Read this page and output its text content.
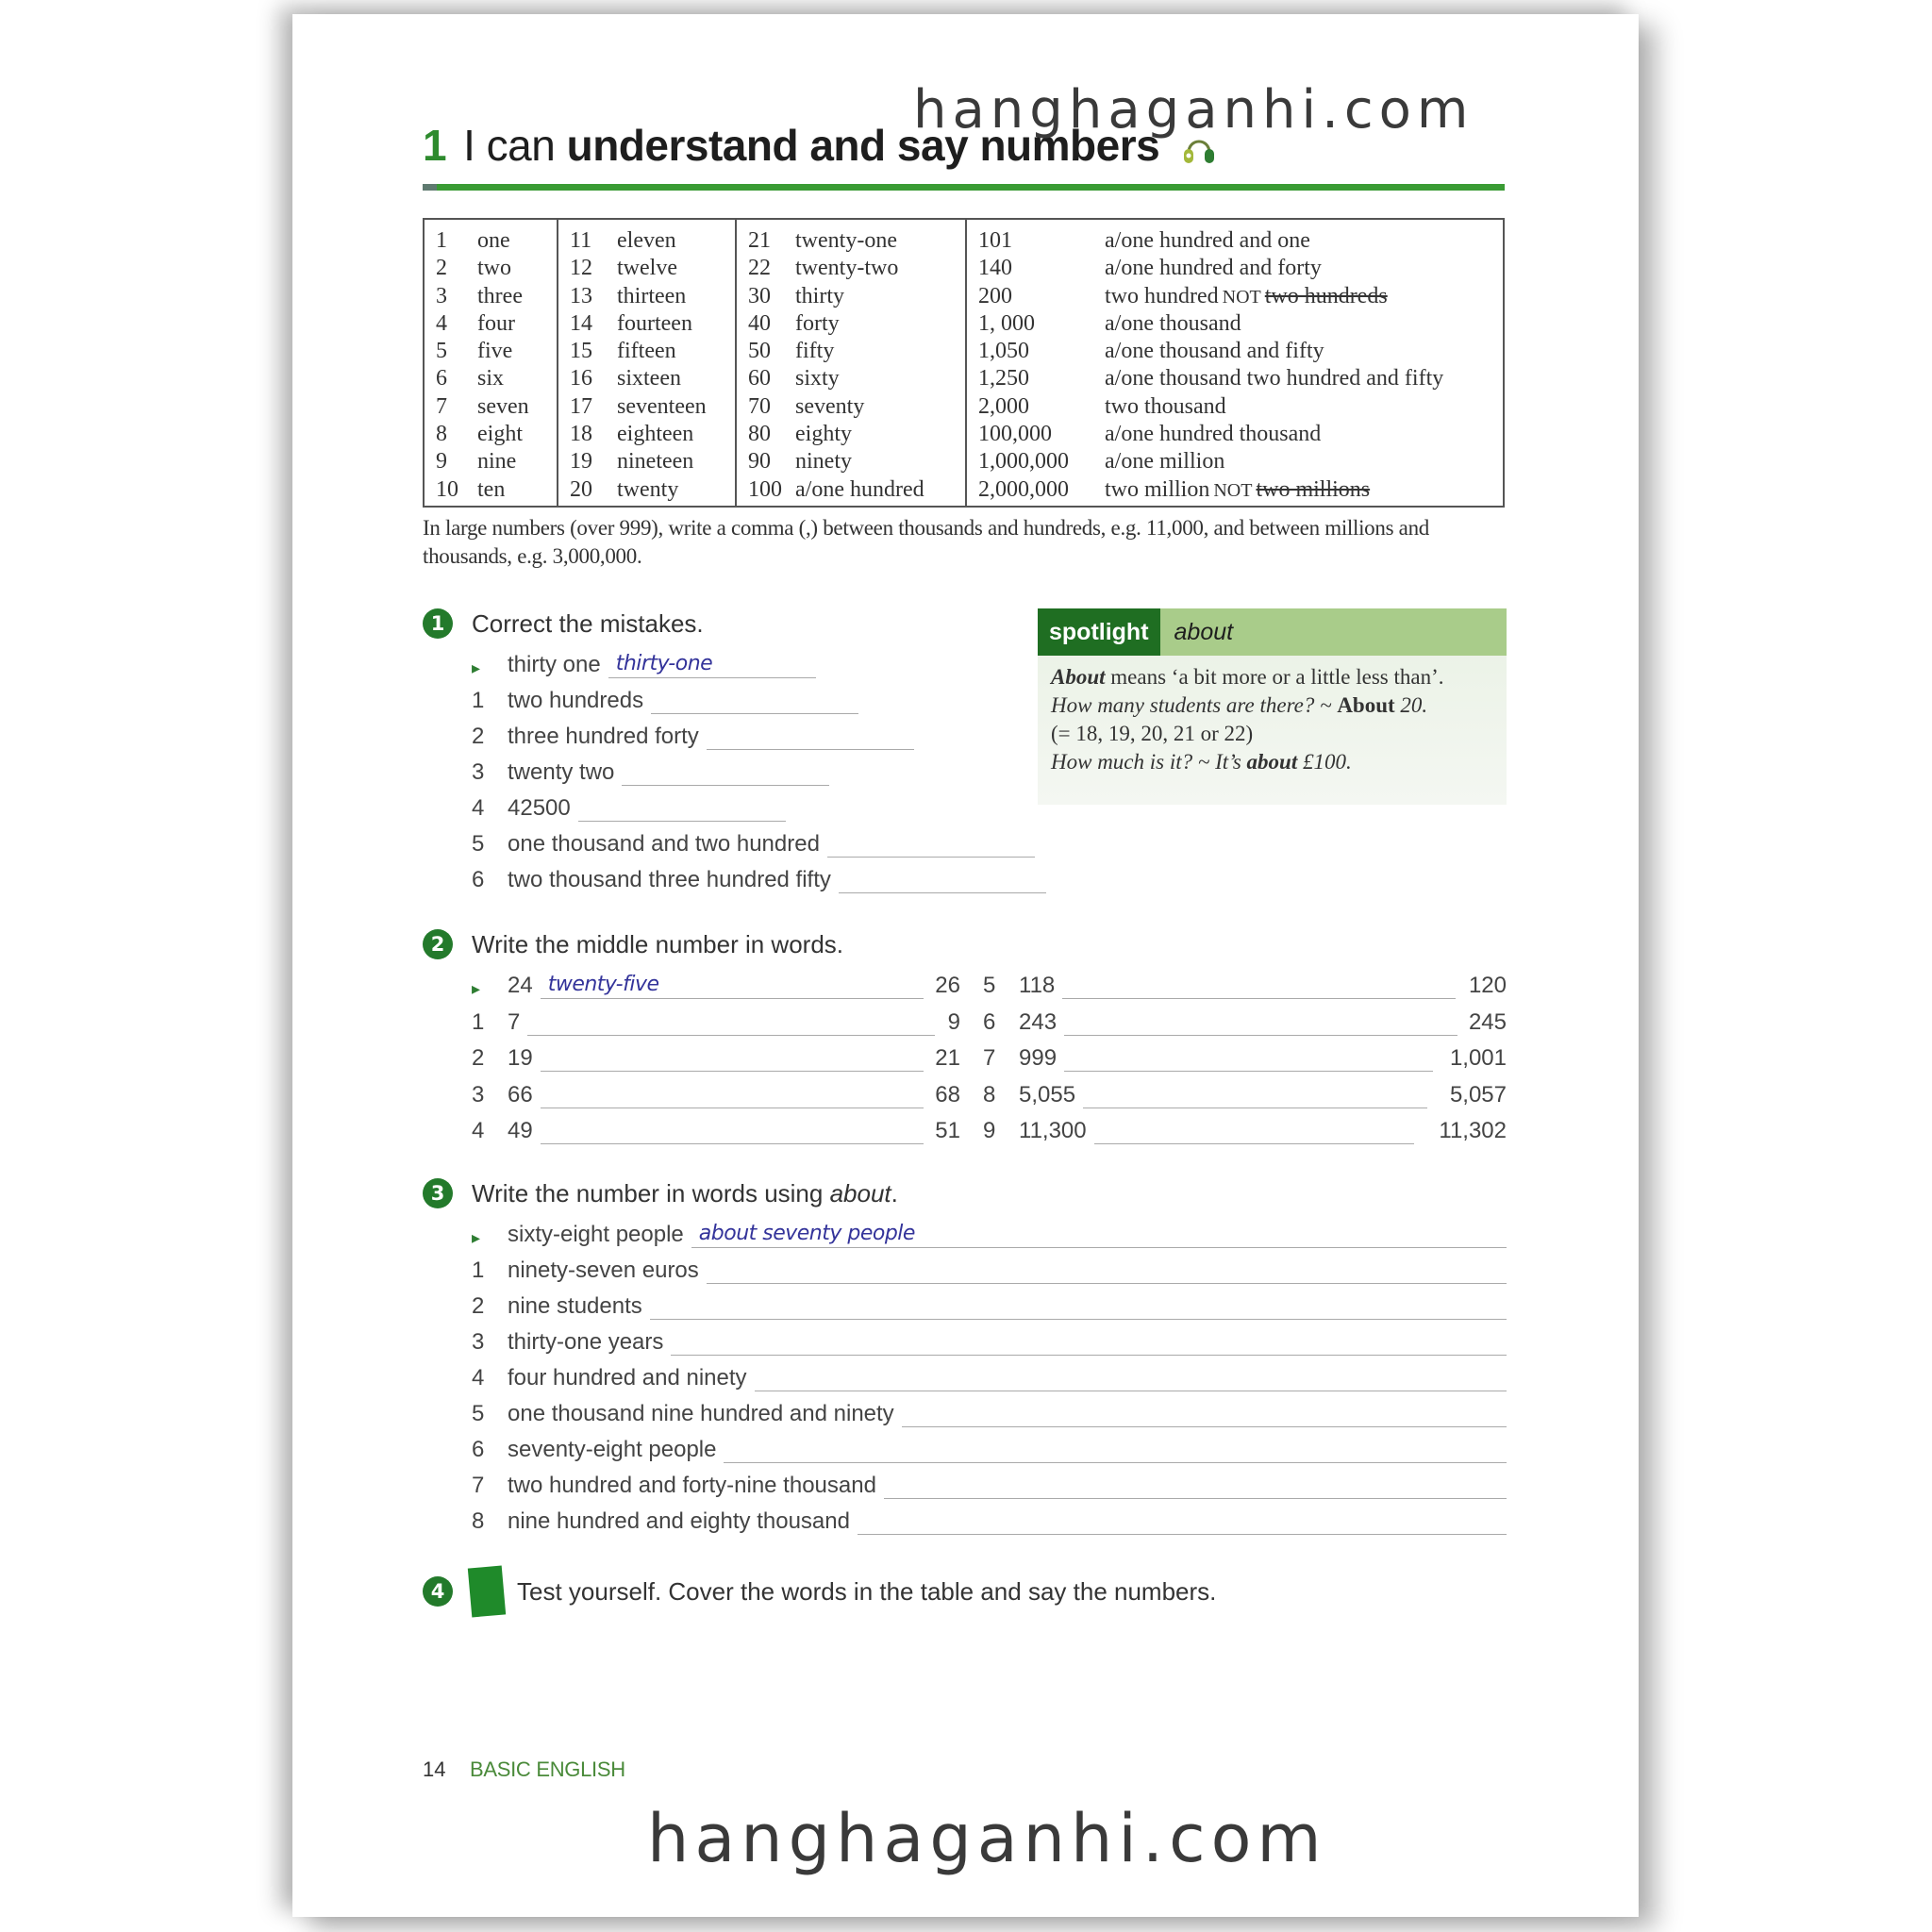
1 I can understand and say numbers
1	one
2	two
3	three
4	four
5	five
6	six
7	seven
8	eight
9	nine
10 ten
11	eleven
12	twelve
13	thirteen
14	fourteen
15	fifteen
16	sixteen
17	seventeen
18	eighteen
19	nineteen
20	twenty
21	twenty-one
22	twenty-two
30	thirty
40	forty
50	fifty
60	sixty
70	seventy
80	eighty
90	ninety
100 a/one hundred
101	a/one hundred and one
140	a/one hundred and forty
200	two hundred NOT two hundreds
1, 000	a/one thousand
1,050	a/one thousand and fifty
1,250	a/one thousand two hundred and fifty
2,000	two thousand
100,000	a/one hundred thousand
1,000,000	a/one million
2,000,000	two million NOT two millions
In large numbers (over 999), write a comma (,) between thousands and hundreds, e.g. 11,000, and between millions and thousands, e.g. 3,000,000.
1	Correct the mistakes.
▸	thirty one thirty-one
1	two hundreds
2	three hundred forty
3	twenty two
4	42500
5	one thousand and two hundred
6	two thousand three hundred fifty
spotlight	about
About means ‘a bit more or a little less than’.
How many students are there? ~ About 20.
(= 18, 19, 20, 21 or 22)
How much is it? ~ It’s about £100.
2	Write the middle number in words.
3	Write the number in words using about.
▸	sixty-eight people about seventy people
1	ninety-seven euros
2	nine students
3	thirty-one years
4	four hundred and ninety
5	one thousand nine hundred and ninety
6	seventy-eight people
7	two hundred and forty-nine thousand
8	nine hundred and eighty thousand
4	Test yourself. Cover the words in the table and say the numbers.
14 BASIC ENGLISH
▸	24 twenty-five	26
1	7	9
2	19	21
3	66	68
4	49	51
5	118	120
6	243	245
7	999	1,001
8	5,055	5,057
9	11,300	11,302
hanghaganhi.com
hanghaganhi.com
